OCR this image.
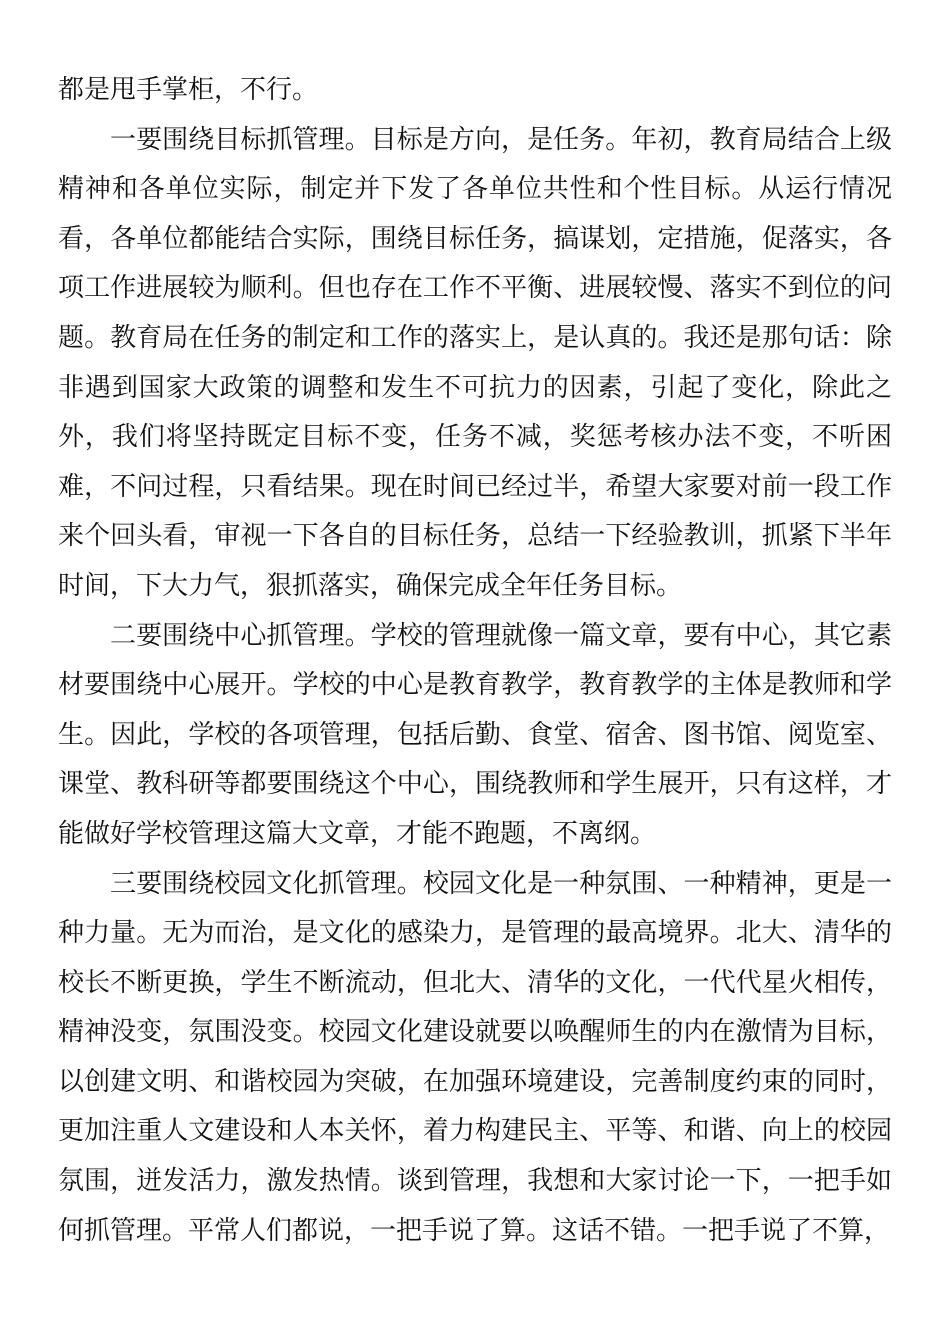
都是甩手掌柜，不行。

一要围绕目标抓管理。目标是方向，是任务。年初，教育局结合上级精神和各单位实际，制定并下发了各单位共性和个性目标。从运行情况看，各单位都能结合实际，围绕目标任务，搞谋划，定措施，促落实，各项工作进展较为顺利。但也存在工作不平衡、进展较慢、落实不到位的问题。教育局在任务的制定和工作的落实上，是认真的。我还是那句话：除非遇到国家大政策的调整和发生不可抗力的因素，引起了变化，除此之外，我们将坚持既定目标不变，任务不减，奖惩考核办法不变，不听困难，不问过程，只看结果。现在时间已经过半，希望大家要对前一段工作来个回头看，审视一下各自的目标任务，总结一下经验教训，抓紧下半年时间，下大力气，狠抓落实，确保完成全年任务目标。

二要围绕中心抓管理。学校的管理就像一篇文章，要有中心，其它素材要围绕中心展开。学校的中心是教育教学，教育教学的主体是教师和学生。因此，学校的各项管理，包括后勤、食堂、宿舍、图书馆、阅览室、课堂、教科研等都要围绕这个中心，围绕教师和学生展开，只有这样，才能做好学校管理这篇大文章，才能不跑题，不离纲。

三要围绕校园文化抓管理。校园文化是一种氛围、一种精神，更是一种力量。无为而治，是文化的感染力，是管理的最高境界。北大、清华的校长不断更换，学生不断流动，但北大、清华的文化，一代代星火相传，精神没变，氛围没变。校园文化建设就要以唤醒师生的内在激情为目标，以创建文明、和谐校园为突破，在加强环境建设，完善制度约束的同时，更加注重人文建设和人本关怀，着力构建民主、平等、和谐、向上的校园氛围，迸发活力，激发热情。谈到管理，我想和大家讨论一下，一把手如何抓管理。平常人们都说，一把手说了算。这话不错。一把手说了不算，
